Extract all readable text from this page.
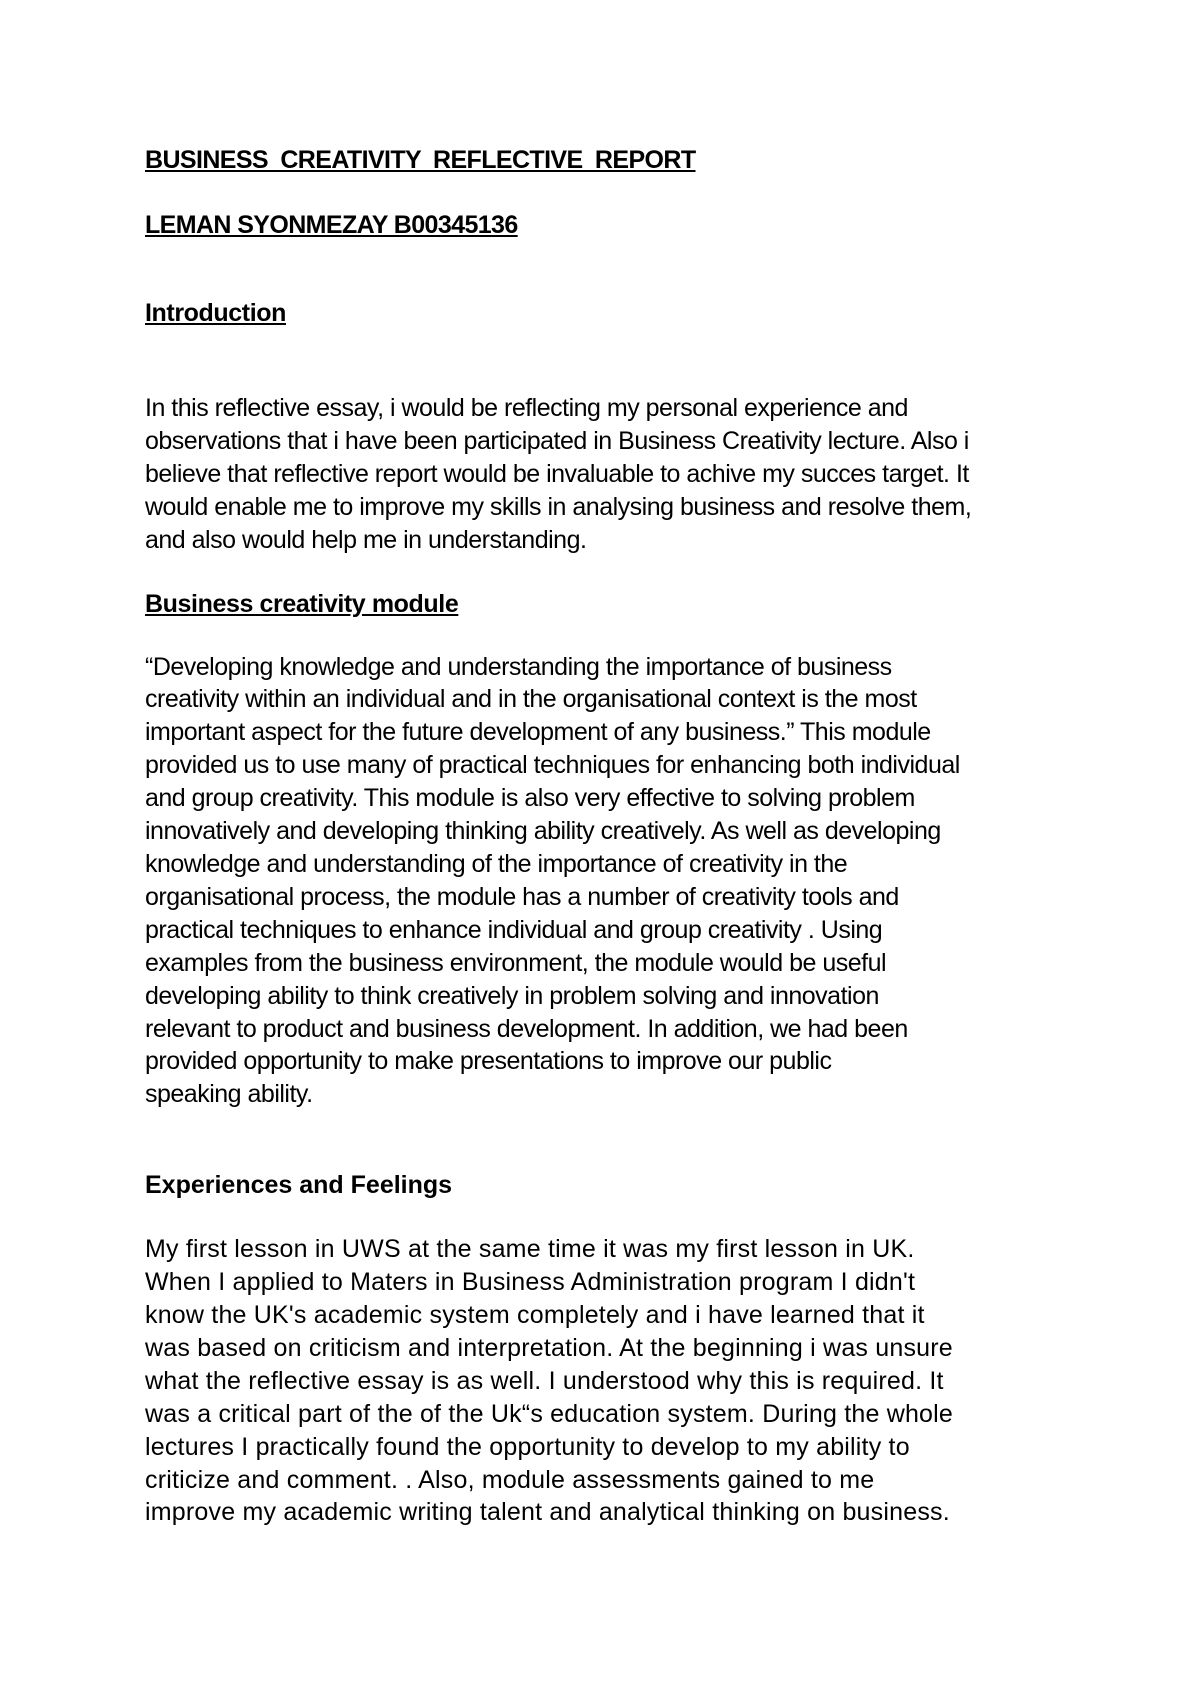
BUSINESS CREATIVITY REFLECTIVE REPORT

LEMAN SYONMEZAY B00345136

Introduction

In this reflective essay, i would be reflecting my personal experience and
observations that i have been participated in Business Creativity lecture. Also i
believe that reflective report would be invaluable to achive my succes target. It
would enable me to improve my skills in analysing business and resolve them,
and also would help me in understanding.

Business creativity module

“Developing knowledge and understanding the importance of business
creativity within an individual and in the organisational context is the most
important aspect for the future development of any business.” This module
provided us to use many of practical techniques for enhancing both individual
and group creativity. This module is also very effective to solving problem
innovatively and developing thinking ability creatively. As well as developing
knowledge and understanding of the importance of creativity in the
organisational process, the module has a number of creativity tools and
practical techniques to enhance individual and group creativity . Using
examples from the business environment, the module would be useful
developing ability to think creatively in problem solving and innovation
relevant to product and business development. In addition, we had been
provided opportunity to make presentations to improve our public
speaking ability.

Experiences and Feelings

My first lesson in UWS at the same time it was my first lesson in UK.
When I applied to Maters in Business Administration program I didn't
know the UK's academic system completely and i have learned that it
was based on criticism and interpretation. At the beginning i was unsure
what the reflective essay is as well. I understood why this is required. It
was a critical part of the of the Uk“s education system. During the whole
lectures I practically found the opportunity to develop to my ability to
criticize and comment. . Also, module assessments gained to me
improve my academic writing talent and analytical thinking on business.
